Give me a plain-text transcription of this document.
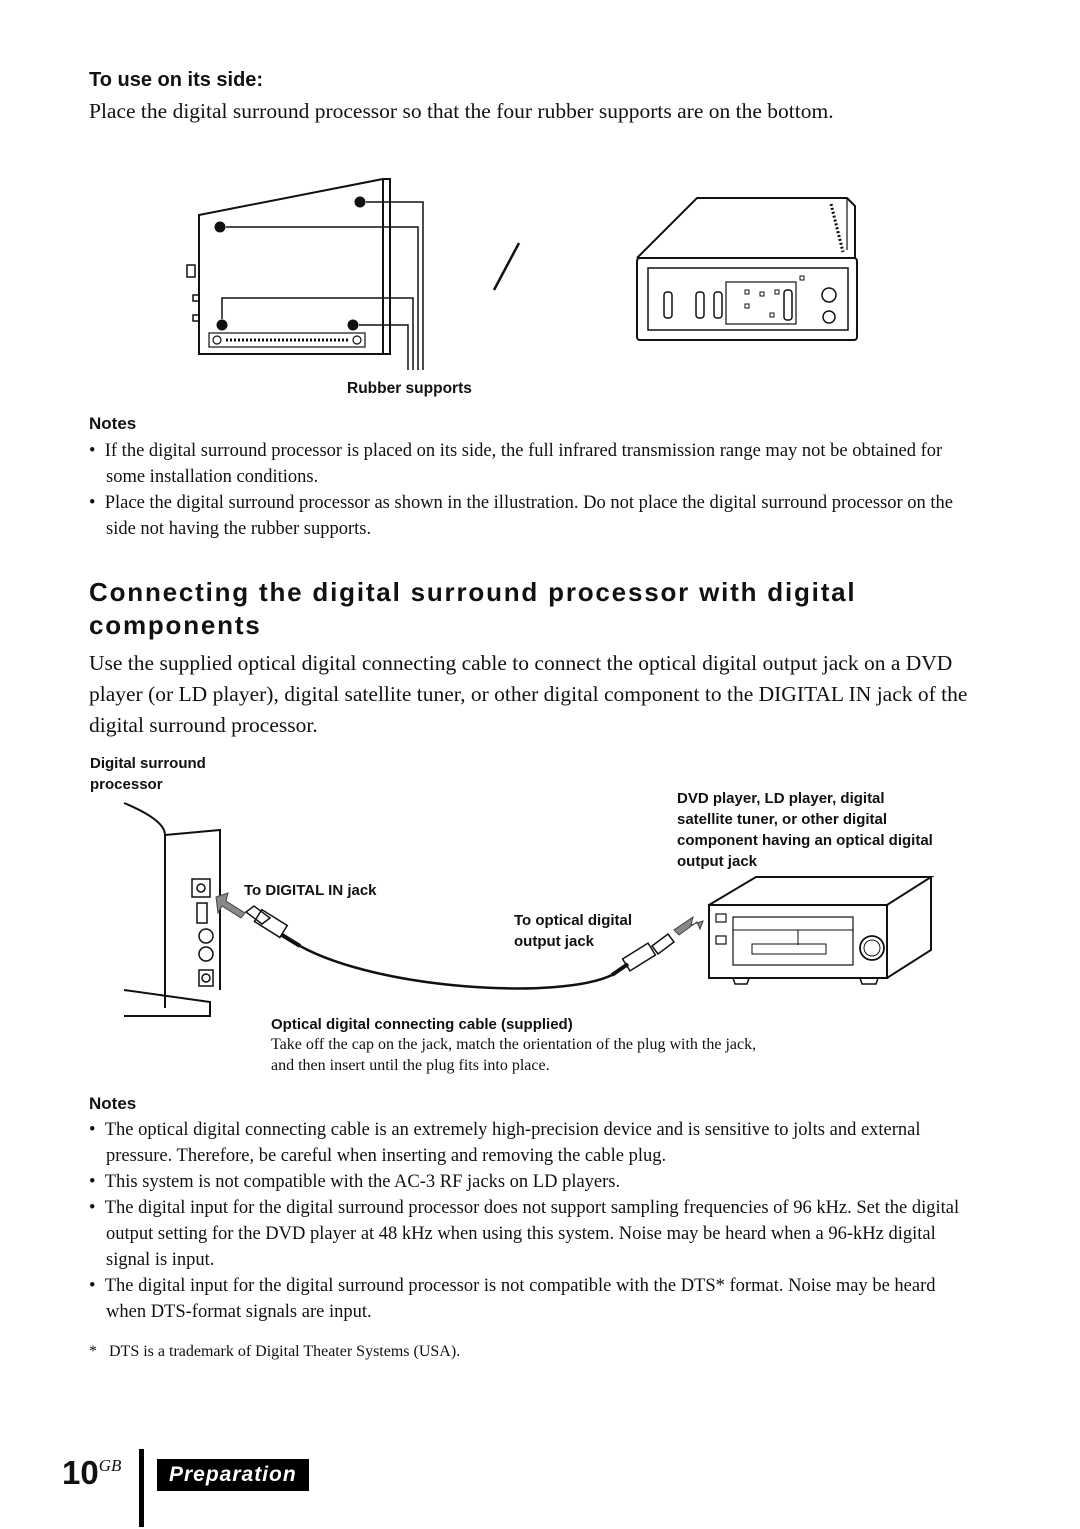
To use on its side:
Place the digital surround processor so that the four rubber supports are on the bottom.
Rubber supports
Notes

•  If the digital surround processor is placed on its side, the full infrared transmission range may not be obtained for some installation conditions.

•  Place the digital surround processor as shown in the illustration. Do not place the digital surround processor on the side not having the rubber supports.

Connecting the digital surround processor with digital components
Use the supplied optical digital connecting cable to connect the optical digital output jack on a DVD player (or LD player), digital satellite tuner, or other digital component to the DIGITAL IN jack of the digital surround processor.
Digital surround processor
DVD player, LD player, digital satellite tuner, or other digital component having an optical digital output jack
To DIGITAL IN jack
To optical digital output jack
Optical digital connecting cable (supplied)
Take off the cap on the jack, match the orientation of the plug with the jack, and then insert until the plug fits into place.
Notes

•  The optical digital connecting cable is an extremely high-precision device and is sensitive to jolts and external pressure. Therefore, be careful when inserting and removing the cable plug.

•  This system is not compatible with the AC-3 RF jacks on LD players.

•  The digital input for the digital surround processor does not support sampling frequencies of 96 kHz. Set the digital output setting for the DVD player at 48 kHz when using this system. Noise may be heard when a 96-kHz digital signal is input.

•  The digital input for the digital surround processor is not compatible with the DTS* format. Noise may be heard when DTS-format signals are input.

* DTS is a trademark of Digital Theater Systems (USA).
$10^{GB}$	Preparation
